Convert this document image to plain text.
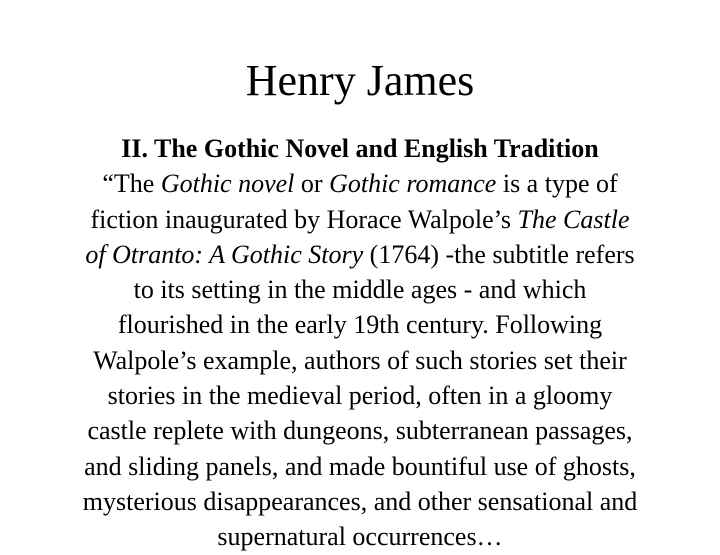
Henry James
II. The Gothic Novel and English Tradition
“The Gothic novel or Gothic romance is a type of
fiction inaugurated by Horace Walpole’s The Castle
of Otranto: A Gothic Story (1764) -the subtitle refers
to its setting in the middle ages - and which
flourished in the early 19th century. Following
Walpole’s example, authors of such stories set their
stories in the medieval period, often in a gloomy
castle replete with dungeons, subterranean passages,
and sliding panels, and made bountiful use of ghosts,
mysterious disappearances, and other sensational and
supernatural occurrences…
